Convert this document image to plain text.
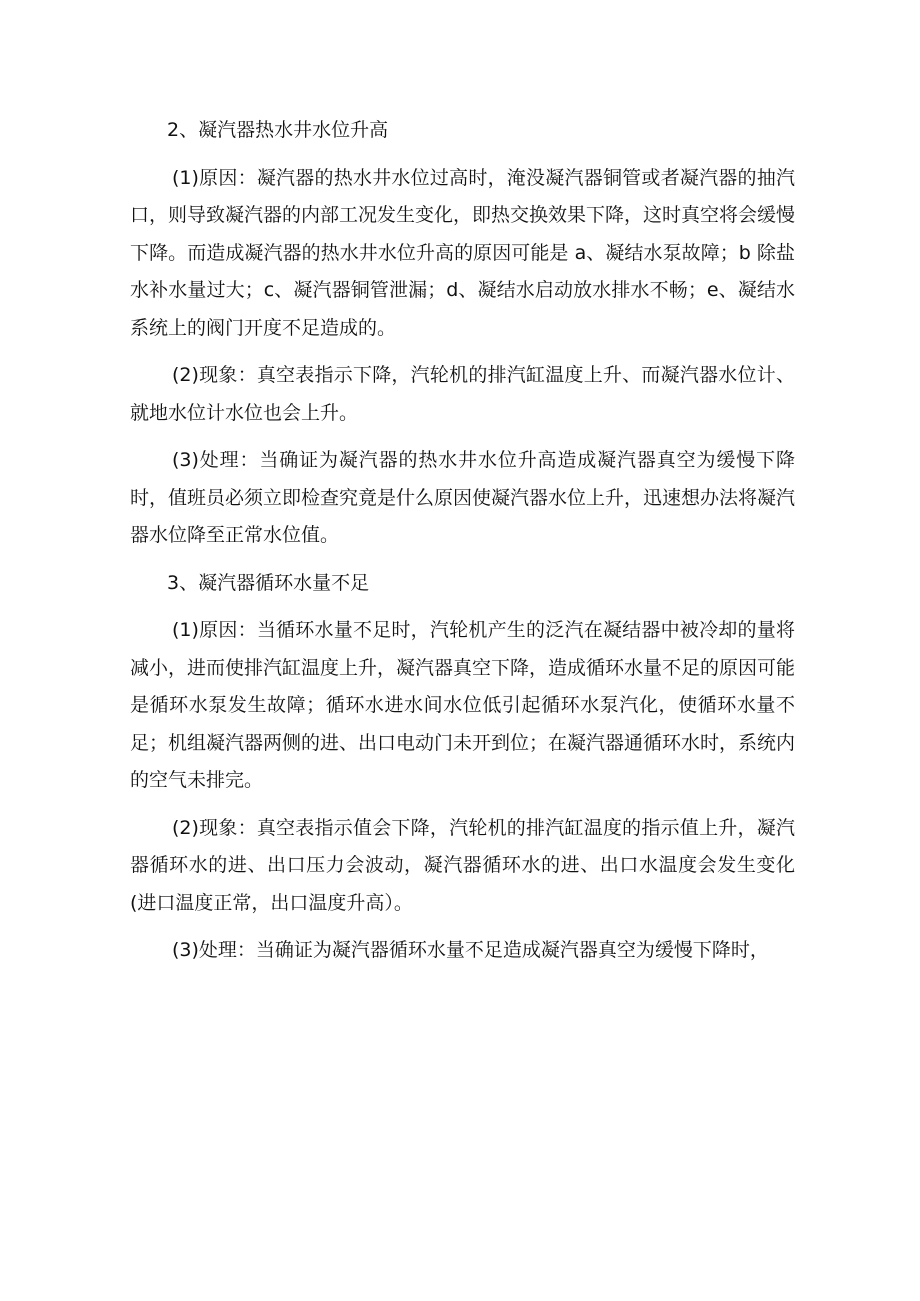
2、凝汽器热水井水位升高

(1)原因：凝汽器的热水井水位过高时，淹没凝汽器铜管或者凝汽器的抽汽口，则导致凝汽器的内部工况发生变化，即热交换效果下降，这时真空将会缓慢下降。而造成凝汽器的热水井水位升高的原因可能是 a、凝结水泵故障；b 除盐水补水量过大；c、凝汽器铜管泄漏；d、凝结水启动放水排水不畅；e、凝结水系统上的阀门开度不足造成的。

(2)现象：真空表指示下降，汽轮机的排汽缸温度上升、而凝汽器水位计、就地水位计水位也会上升。

(3)处理：当确证为凝汽器的热水井水位升高造成凝汽器真空为缓慢下降时，值班员必须立即检查究竟是什么原因使凝汽器水位上升，迅速想办法将凝汽器水位降至正常水位值。

3、凝汽器循环水量不足

(1)原因：当循环水量不足时，汽轮机产生的泛汽在凝结器中被冷却的量将减小，进而使排汽缸温度上升，凝汽器真空下降，造成循环水量不足的原因可能是循环水泵发生故障；循环水进水间水位低引起循环水泵汽化，使循环水量不足；机组凝汽器两侧的进、出口电动门未开到位；在凝汽器通循环水时，系统内的空气未排完。

(2)现象：真空表指示值会下降，汽轮机的排汽缸温度的指示值上升，凝汽器循环水的进、出口压力会波动，凝汽器循环水的进、出口水温度会发生变化(进口温度正常，出口温度升高）。

(3)处理：当确证为凝汽器循环水量不足造成凝汽器真空为缓慢下降时，
